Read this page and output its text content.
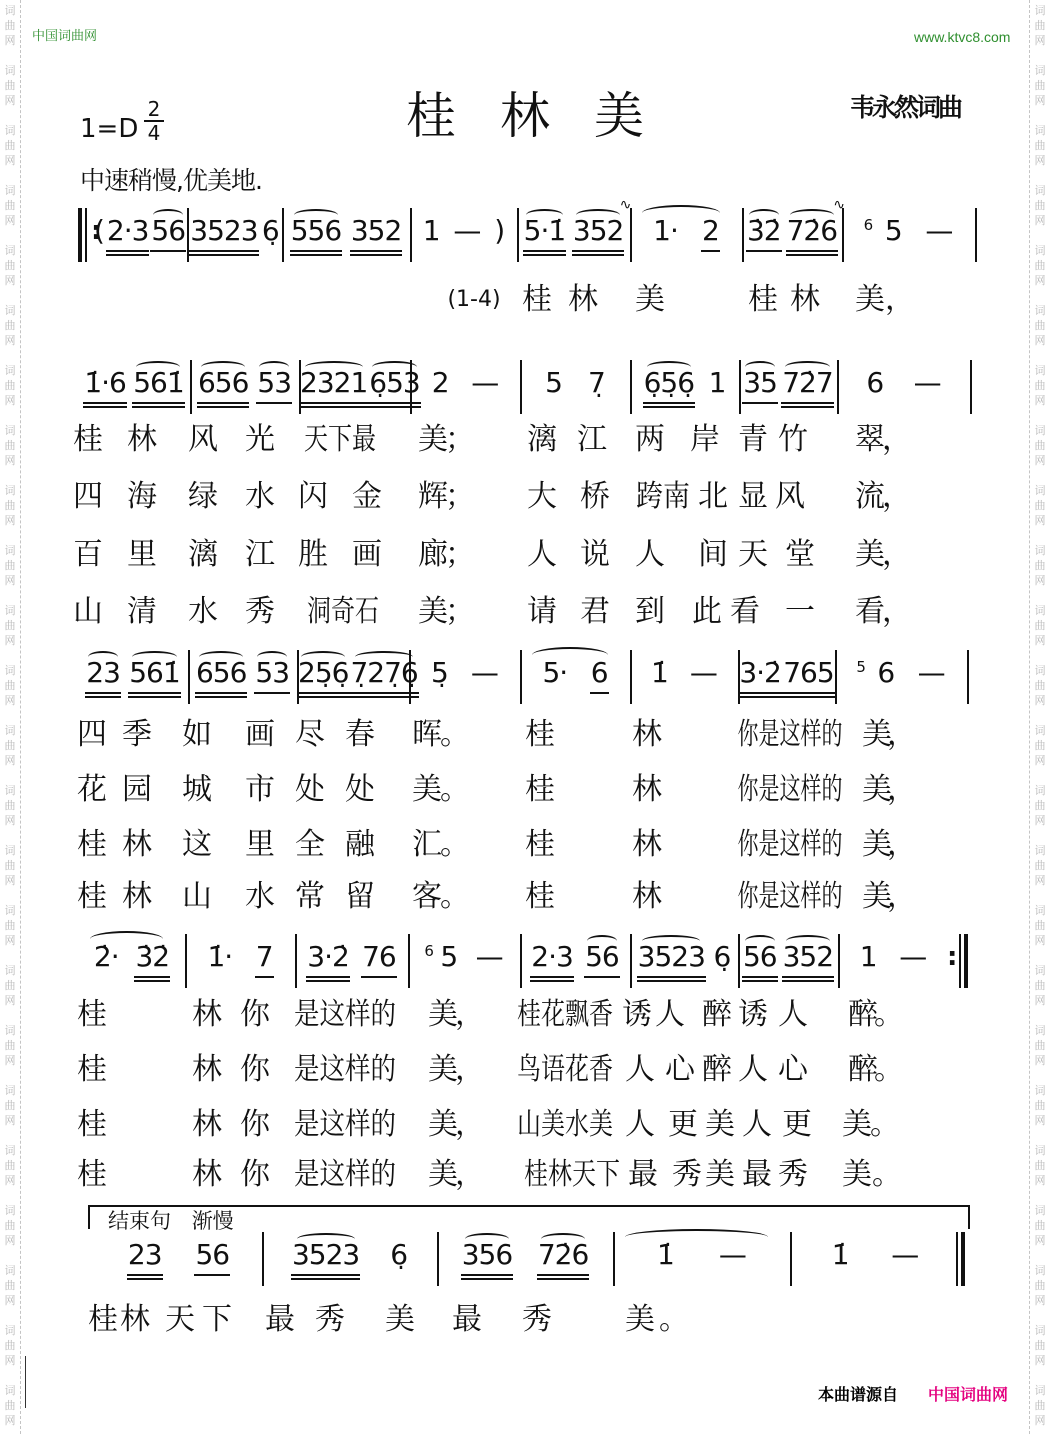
词
曲
网
词
曲
网
词
曲
网
词
曲
网
词
曲
网
词
曲
网
词
曲
网
词
曲
网
词
曲
网
词
曲
网
词
曲
网
词
曲
网
词
曲
网
词
曲
网
词
曲
网
词
曲
网
词
曲
网
词
曲
网
词
曲
网
词
曲
网
词
曲
网
词
曲
网
词
曲
网
词
曲
网
词
曲
网
词
曲
网
词
曲
网
词
曲
网
词
曲
网
词
曲
网
词
曲
网
词
曲
网
词
曲
网
词
曲
网
词
曲
网
词
曲
网
词
曲
网
词
曲
网
词
曲
网
词
曲
网
词
曲
网
词
曲
网
词
曲
网
词
曲
网
词
曲
网
词
曲
网
词
曲
网
词
曲
网
中国词曲网	www.ktvc8.com
桂林美
$1=D \frac{2}{4}$
中速稍慢,优美地.
韦永然词曲
:
( 2·3 56 3523 6̣ 556 352 1 — ) 5·1̇ 352 ∿ 1· 2 3̇2̇ 72̇6 ∿ 6 5 —
1̇·6 561̇ 656 53 2321 6̣53 2 — 5 7̣ 6̣5̣6̣ 1 35 72̇7 6 —
23 561̇ 656 53 25̣6̣ 7̣27̣6̣ 5̣ — 5· 6 1̇ — 3·2̇ 765 5 6 —
:
2̇· 3̇2̇ 1̇· 7 3·2̇ 76 6 5 — 2·3 56 3523 6̣ 56 352 1 —
23 56 3523 6̣ 356 72̇6 1̇ —	1̇ —
(1-4) 桂 林 美	桂 林 美 ，
桂 林 风 光 天下最 美
； 漓 江 两 岸 青 竹 翠
，
四 海 绿 水 闪 金 辉
； 大 桥 跨南 北 显 风 流
，
百 里 漓 江 胜 画 廊
； 人 说 人 间 天 堂 美
，
山 清 水 秀 洞奇石 美
； 请 君 到 此 看 一 看
，
四 季 如 画 尽 春 晖
。 桂	林	你是这样的 美
，
花 园 城 市 处 处 美
。 桂	林	你是这样的 美
，
桂 林 这 里 全 融 汇
。 桂	林	你是这样的 美
，
桂 林 山 水 常 留 客
。 桂	林	你是这样的 美
，
桂	林 你 是这样的 美
， 桂花飘香 诱 人 醉 诱 人 醉
。
桂	林 你 是这样的 美
， 鸟语花香 人 心 醉 人 心 醉
。
桂	林 你 是这样的 美
， 山美水美 人 更 美 人 更 美
。
桂	林 你 是这样的 美
， 桂林天下 最 秀 美 最 秀 美 。
桂 林 天 下 最 秀 美 最 秀 美 。
结束句 渐慢
本曲谱源自 中国词曲网
